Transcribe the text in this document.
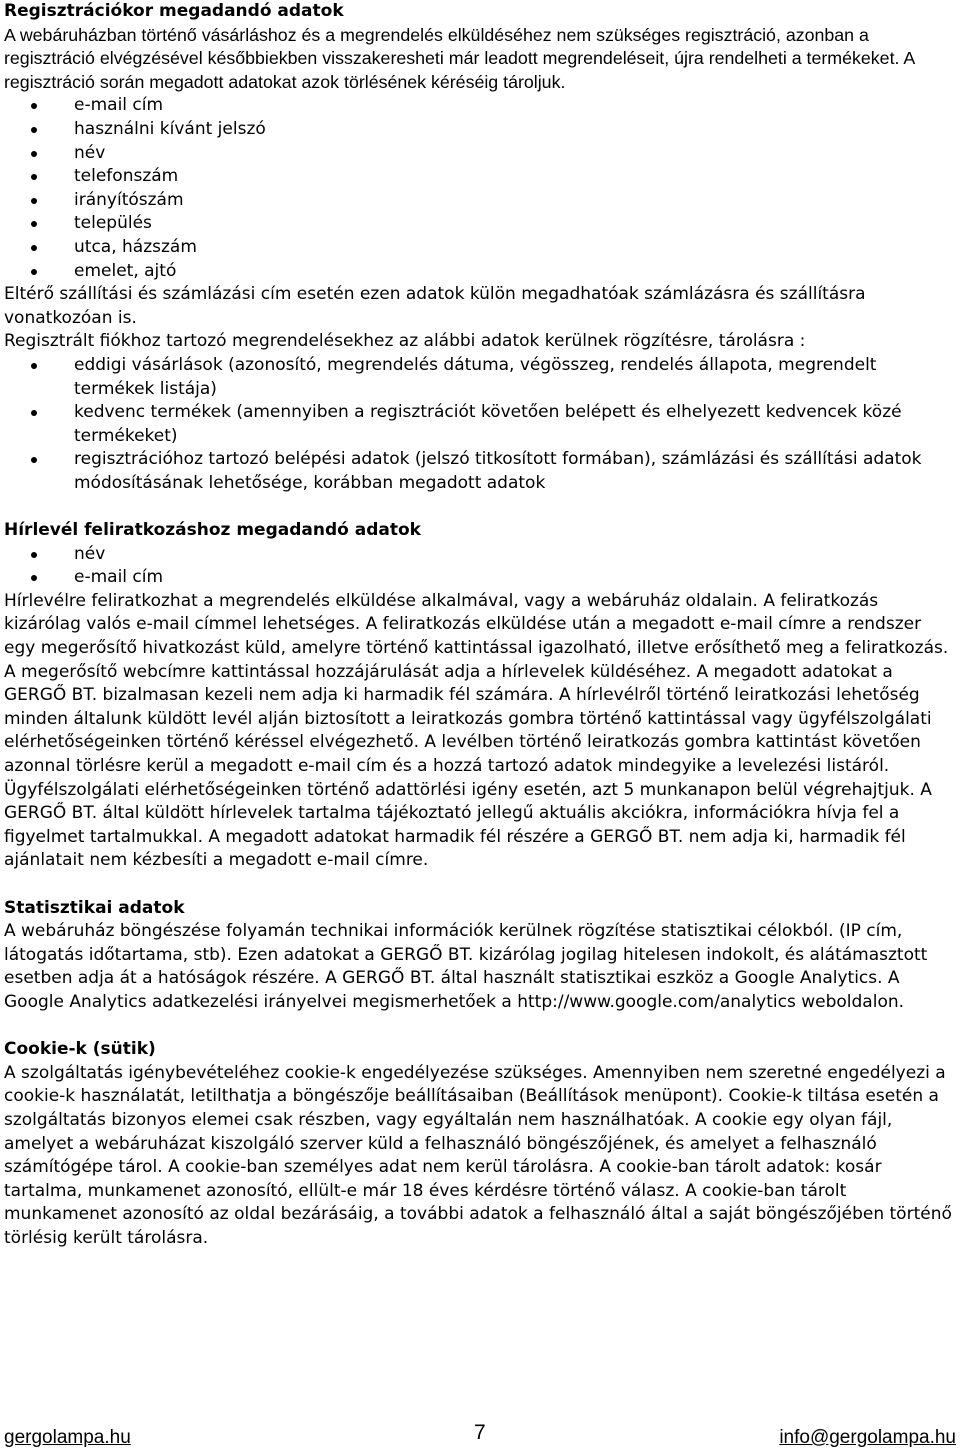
Regisztrációkor megadandó adatok

A webáruházban történő vásárláshoz és a megrendelés elküldéséhez nem szükséges regisztráció, azonban a regisztráció elvégzésével későbbiekben visszakeresheti már leadott megrendeléseit, újra rendelheti a termékeket. A regisztráció során megadott adatokat azok törlésének kéréséig tároljuk.

e-mail cím
használni kívánt jelszó
név
telefonszám
irányítószám
település
utca, házszám
emelet, ajtó

Eltérő szállítási és számlázási cím esetén ezen adatok külön megadhatóak számlázásra és szállításra vonatkozóan is.

Regisztrált fiókhoz tartozó megrendelésekhez az alábbi adatok kerülnek rögzítésre, tárolásra :

eddigi vásárlások (azonosító, megrendelés dátuma, végösszeg, rendelés állapota, megrendelt termékek listája)
kedvenc termékek (amennyiben a regisztrációt követően belépett és elhelyezett kedvencek közé termékeket)
regisztrációhoz tartozó belépési adatok (jelszó titkosított formában), számlázási és szállítási adatok módosításának lehetősége, korábban megadott adatok
Hírlevél feliratkozáshoz megadandó adatok
név
e-mail cím

Hírlevélre feliratkozhat a megrendelés elküldése alkalmával, vagy a webáruház oldalain. A feliratkozás kizárólag valós e-mail címmel lehetséges. A feliratkozás elküldése után a megadott e-mail címre a rendszer egy megerősítő hivatkozást küld, amelyre történő kattintással igazolható, illetve erősíthető meg a feliratkozás. A megerősítő webcímre kattintással hozzájárulását adja a hírlevelek küldéséhez. A megadott adatokat a GERGŐ BT. bizalmasan kezeli nem adja ki harmadik fél számára. A hírlevélről történő leiratkozási lehetőség minden általunk küldött levél alján biztosított a leiratkozás gombra történő kattintással vagy ügyfélszolgálati elérhetőségeinken történő kéréssel elvégezhető. A levélben történő leiratkozás gombra kattintást követően azonnal törlésre kerül a megadott e-mail cím és a hozzá tartozó adatok mindegyike a levelezési listáról. Ügyfélszolgálati elérhetőségeinken történő adattörlési igény esetén, azt 5 munkanapon belül végrehajtjuk. A GERGŐ BT. által küldött hírlevelek tartalma tájékoztató jellegű aktuális akciókra, információkra hívja fel a figyelmet tartalmukkal. A megadott adatokat harmadik fél részére a GERGŐ BT. nem adja ki, harmadik fél ajánlatait nem kézbesíti a megadott e-mail címre.

Statisztikai adatok

A webáruház böngészése folyamán technikai információk kerülnek rögzítése statisztikai célokból. (IP cím, látogatás időtartama, stb). Ezen adatokat a GERGŐ BT. kizárólag jogilag hitelesen indokolt, és alátámasztott esetben adja át a hatóságok részére. A GERGŐ BT. által használt statisztikai eszköz a Google Analytics. A Google Analytics adatkezelési irányelvei megismerhetőek a http://www.google.com/analytics weboldalon.

Cookie-k (sütik)

A szolgáltatás igénybevételéhez cookie-k engedélyezése szükséges. Amennyiben nem szeretné engedélyezi a cookie-k használatát, letilthatja a böngészője beállításaiban (Beállítások menüpont). Cookie-k tiltása esetén a szolgáltatás bizonyos elemei csak részben, vagy egyáltalán nem használhatóak. A cookie egy olyan fájl, amelyet a webáruházat kiszolgáló szerver küld a felhasználó böngészőjének, és amelyet a felhasználó számítógépe tárol. A cookie-ban személyes adat nem kerül tárolásra. A cookie-ban tárolt adatok: kosár tartalma, munkamenet azonosító, ellült-e már 18 éves kérdésre történő válasz. A cookie-ban tárolt munkamenet azonosító az oldal bezárásáig, a további adatok a felhasználó által a saját böngészőjében történő törlésig került tárolásra.

gergolampa.hu	7	info@gergolampa.hu
